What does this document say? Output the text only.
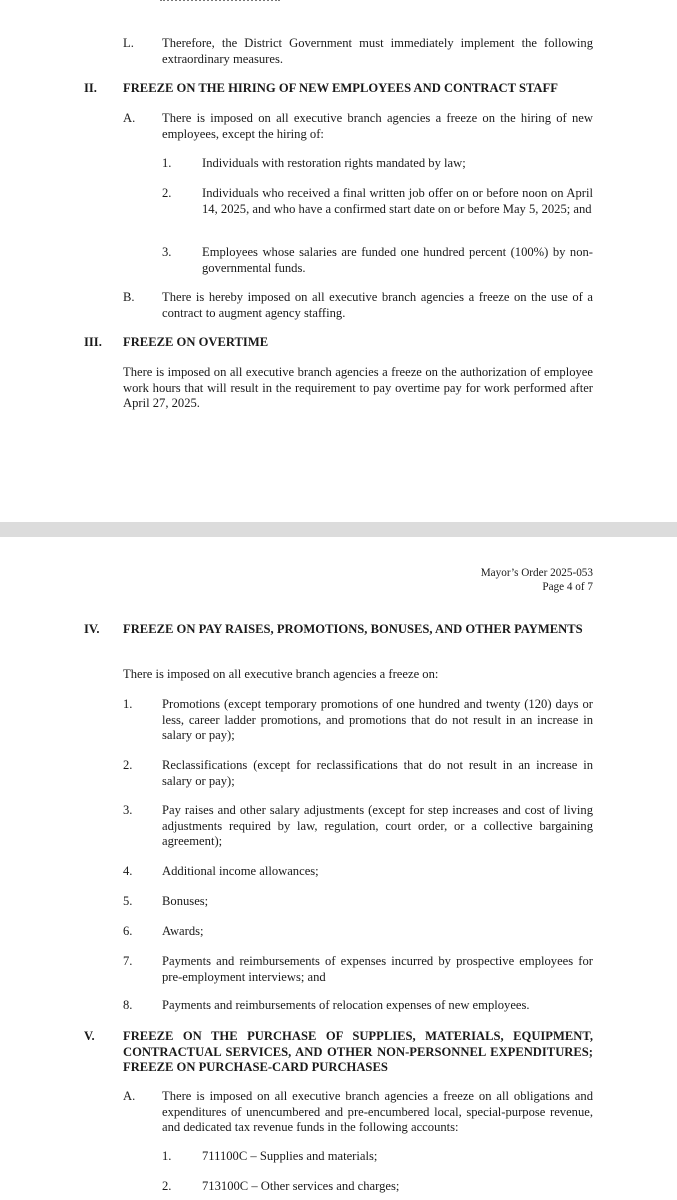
L. Therefore, the District Government must immediately implement the following extraordinary measures.
II. FREEZE ON THE HIRING OF NEW EMPLOYEES AND CONTRACT STAFF
A. There is imposed on all executive branch agencies a freeze on the hiring of new employees, except the hiring of:
1. Individuals with restoration rights mandated by law;
2. Individuals who received a final written job offer on or before noon on April 14, 2025, and who have a confirmed start date on or before May 5, 2025; and
3. Employees whose salaries are funded one hundred percent (100%) by non-governmental funds.
B. There is hereby imposed on all executive branch agencies a freeze on the use of a contract to augment agency staffing.
III. FREEZE ON OVERTIME
There is imposed on all executive branch agencies a freeze on the authorization of employee work hours that will result in the requirement to pay overtime pay for work performed after April 27, 2025.
Mayor’s Order 2025-053
Page 4 of 7
IV. FREEZE ON PAY RAISES, PROMOTIONS, BONUSES, AND OTHER PAYMENTS
There is imposed on all executive branch agencies a freeze on:
1. Promotions (except temporary promotions of one hundred and twenty (120) days or less, career ladder promotions, and promotions that do not result in an increase in salary or pay);
2. Reclassifications (except for reclassifications that do not result in an increase in salary or pay);
3. Pay raises and other salary adjustments (except for step increases and cost of living adjustments required by law, regulation, court order, or a collective bargaining agreement);
4. Additional income allowances;
5. Bonuses;
6. Awards;
7. Payments and reimbursements of expenses incurred by prospective employees for pre-employment interviews; and
8. Payments and reimbursements of relocation expenses of new employees.
V. FREEZE ON THE PURCHASE OF SUPPLIES, MATERIALS, EQUIPMENT, CONTRACTUAL SERVICES, AND OTHER NON-PERSONNEL EXPENDITURES; FREEZE ON PURCHASE-CARD PURCHASES
A. There is imposed on all executive branch agencies a freeze on all obligations and expenditures of unencumbered and pre-encumbered local, special-purpose revenue, and dedicated tax revenue funds in the following accounts:
1. 711100C – Supplies and materials;
2. 713100C – Other services and charges;
